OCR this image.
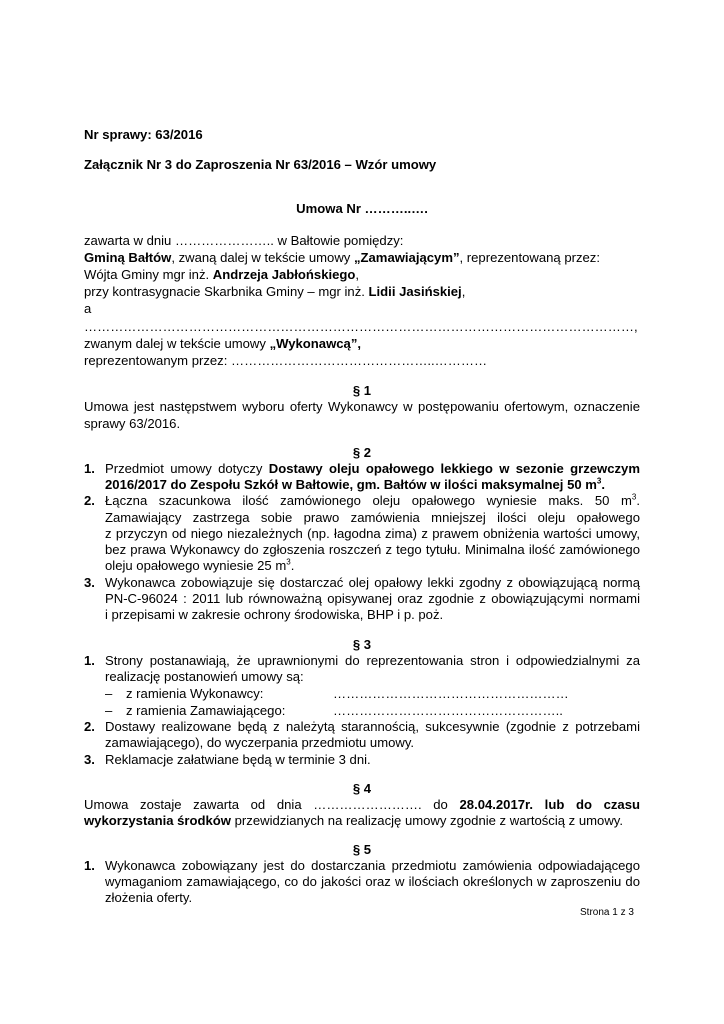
Nr sprawy: 63/2016
Załącznik Nr 3 do Zaproszenia Nr 63/2016 – Wzór umowy
Umowa Nr ………..….
zawarta w dniu ………………….. w Bałtowie pomiędzy:
Gminą Bałtów, zwaną dalej w tekście umowy „Zamawiającym”, reprezentowaną przez:
Wójta Gminy mgr inż. Andrzeja Jabłońskiego,
przy kontrasygnacie Skarbnika Gminy – mgr inż. Lidii Jasińskiej,
a
………………………………………………………………………………………………………………,
zwanym dalej w tekście umowy „Wykonawcą”,
reprezentowanym przez: ………………………………………..…………
§ 1
Umowa jest następstwem wyboru oferty Wykonawcy w postępowaniu ofertowym, oznaczenie
sprawy 63/2016.
§ 2
1. Przedmiot umowy dotyczy Dostawy oleju opałowego lekkiego w sezonie grzewczym
2016/2017 do Zespołu Szkół w Bałtowie, gm. Bałtów w ilości maksymalnej 50 $m^3$.
2. Łączna szacunkowa ilość zamówionego oleju opałowego wyniesie maks. 50 $m^3$.
Zamawiający zastrzega sobie prawo zamówienia mniejszej ilości oleju opałowego
z przyczyn od niego niezależnych (np. łagodna zima) z prawem obniżenia wartości umowy,
bez prawa Wykonawcy do zgłoszenia roszczeń z tego tytułu. Minimalna ilość zamówionego
oleju opałowego wyniesie 25 $m^3$.
3. Wykonawca zobowiązuje się dostarczać olej opałowy lekki zgodny z obowiązującą normą
PN-C-96024 : 2011 lub równoważną opisywanej oraz zgodnie z obowiązującymi normami
i przepisami w zakresie ochrony środowiska, BHP i p. poż.
§ 3
1. Strony postanawiają, że uprawnionymi do reprezentowania stron i odpowiedzialnymi za
realizację postanowień umowy są:
– z ramienia Wykonawcy:	………………………………………………
– z ramienia Zamawiającego:	……………………………………………..
2. Dostawy realizowane będą z należytą starannością, sukcesywnie (zgodnie z potrzebami
zamawiającego), do wyczerpania przedmiotu umowy.
3. Reklamacje załatwiane będą w terminie 3 dni.
§ 4
Umowa zostaje zawarta od dnia ……………………. do 28.04.2017r. lub do czasu
wykorzystania środków przewidzianych na realizację umowy zgodnie z wartością z umowy.
§ 5
1. Wykonawca zobowiązany jest do dostarczania przedmiotu zamówienia odpowiadającego
wymaganiom zamawiającego, co do jakości oraz w ilościach określonych w zaproszeniu do
złożenia oferty.
Strona 1 z 3
